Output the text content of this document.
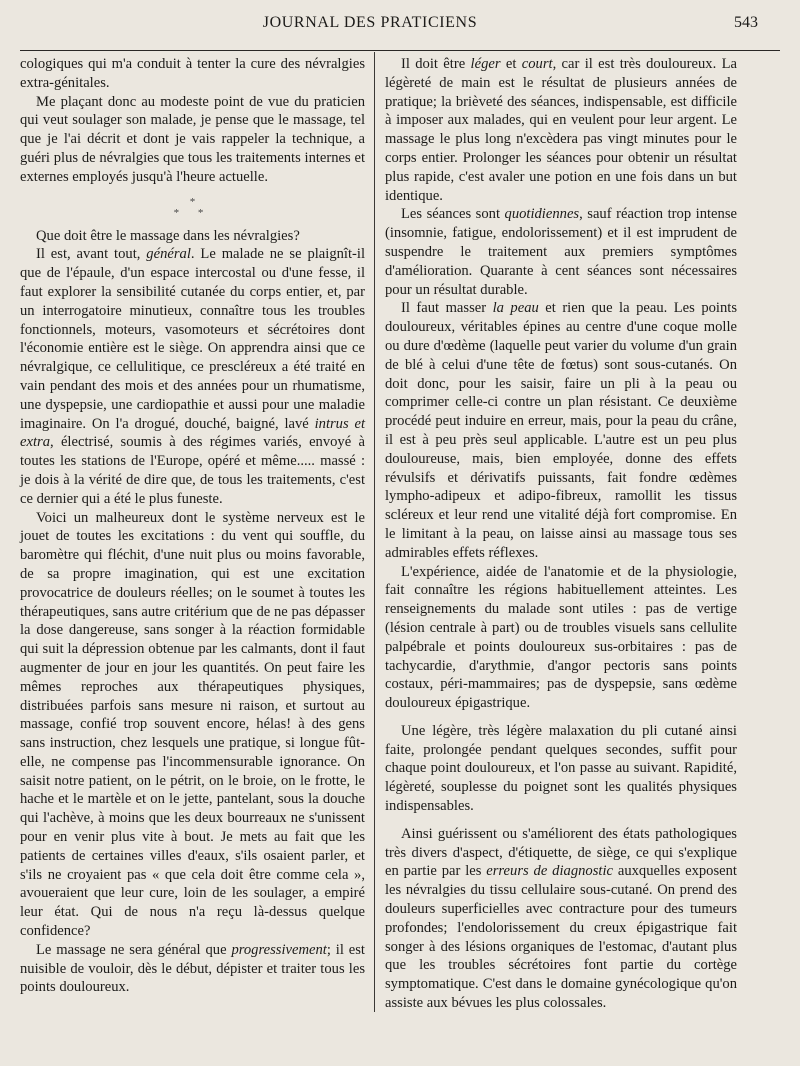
JOURNAL DES PRATICIENS	543

cologiques qui m'a conduit à tenter la cure des névralgies extra-génitales.

Me plaçant donc au modeste point de vue du praticien qui veut soulager son malade, je pense que le massage, tel que je l'ai décrit et dont je vais rappeler la technique, a guéri plus de névralgies que tous les traitements internes et externes employés jusqu'à l'heure actuelle.

*
* *

Que doit être le massage dans les névralgies?

Il est, avant tout, général. Le malade ne se plaignît-il que de l'épaule, d'un espace intercostal ou d'une fesse, il faut explorer la sensibilité cutanée du corps entier, et, par un interrogatoire minutieux, connaître tous les troubles fonctionnels, moteurs, vasomoteurs et sécrétoires dont l'économie entière est le siège. On apprendra ainsi que ce névralgique, ce cellulitique, ce prescléreux a été traité en vain pendant des mois et des années pour un rhumatisme, une dyspepsie, une cardiopathie et aussi pour une maladie imaginaire. On l'a drogué, douché, baigné, lavé intrus et extra, électrisé, soumis à des régimes variés, envoyé à toutes les stations de l'Europe, opéré et même..... massé : je dois à la vérité de dire que, de tous les traitements, c'est ce dernier qui a été le plus funeste.

Voici un malheureux dont le système nerveux est le jouet de toutes les excitations : du vent qui souffle, du baromètre qui fléchit, d'une nuit plus ou moins favorable, de sa propre imagination, qui est une excitation provocatrice de douleurs réelles; on le soumet à toutes les thérapeutiques, sans autre critérium que de ne pas dépasser la dose dangereuse, sans songer à la réaction formidable qui suit la dépression obtenue par les calmants, dont il faut augmenter de jour en jour les quantités. On peut faire les mêmes reproches aux thérapeutiques physiques, distribuées parfois sans mesure ni raison, et surtout au massage, confié trop souvent encore, hélas! à des gens sans instruction, chez lesquels une pratique, si longue fût-elle, ne compense pas l'incommensurable ignorance. On saisit notre patient, on le pétrit, on le broie, on le frotte, le hache et le martèle et on le jette, pantelant, sous la douche qui l'achève, à moins que les deux bourreaux ne s'unissent pour en venir plus vite à bout. Je mets au fait que les patients de certaines villes d'eaux, s'ils osaient parler, et s'ils ne croyaient pas « que cela doit être comme cela », avoueraient que leur cure, loin de les soulager, a empiré leur état. Qui de nous n'a reçu là-dessus quelque confidence?

Le massage ne sera général que progressivement; il est nuisible de vouloir, dès le début, dépister et traiter tous les points douloureux.

Il doit être léger et court, car il est très douloureux. La légèreté de main est le résultat de plusieurs années de pratique; la brièveté des séances, indispensable, est difficile à imposer aux malades, qui en veulent pour leur argent. Le massage le plus long n'excèdera pas vingt minutes pour le corps entier. Prolonger les séances pour obtenir un résultat plus rapide, c'est avaler une potion en une fois dans un but identique.

Les séances sont quotidiennes, sauf réaction trop intense (insomnie, fatigue, endolorissement) et il est imprudent de suspendre le traitement aux premiers symptômes d'amélioration. Quarante à cent séances sont nécessaires pour un résultat durable.

Il faut masser la peau et rien que la peau. Les points douloureux, véritables épines au centre d'une coque molle ou dure d'œdème (laquelle peut varier du volume d'un grain de blé à celui d'une tête de fœtus) sont sous-cutanés. On doit donc, pour les saisir, faire un pli à la peau ou comprimer celle-ci contre un plan résistant. Ce deuxième procédé peut induire en erreur, mais, pour la peau du crâne, il est à peu près seul applicable. L'autre est un peu plus douloureuse, mais, bien employée, donne des effets révulsifs et dérivatifs puissants, fait fondre œdèmes lympho-adipeux et adipo-fibreux, ramollit les tissus scléreux et leur rend une vitalité déjà fort compromise. En le limitant à la peau, on laisse ainsi au massage tous ses admirables effets réflexes.

L'expérience, aidée de l'anatomie et de la physiologie, fait connaître les régions habituellement atteintes. Les renseignements du malade sont utiles : pas de vertige (lésion centrale à part) ou de troubles visuels sans cellulite palpébrale et points douloureux sus-orbitaires : pas de tachycardie, d'arythmie, d'angor pectoris sans points costaux, péri-mammaires; pas de dyspepsie, sans œdème douloureux épigastrique.

Une légère, très légère malaxation du pli cutané ainsi faite, prolongée pendant quelques secondes, suffit pour chaque point douloureux, et l'on passe au suivant. Rapidité, légèreté, souplesse du poignet sont les qualités physiques indispensables.

Ainsi guérissent ou s'améliorent des états pathologiques très divers d'aspect, d'étiquette, de siège, ce qui s'explique en partie par les erreurs de diagnostic auxquelles exposent les névralgies du tissu cellulaire sous-cutané. On prend des douleurs superficielles avec contracture pour des tumeurs profondes; l'endolorissement du creux épigastrique fait songer à des lésions organiques de l'estomac, d'autant plus que les troubles sécrétoires font partie du cortège symptomatique. C'est dans le domaine gynécologique qu'on assiste aux bévues les plus colossales.
